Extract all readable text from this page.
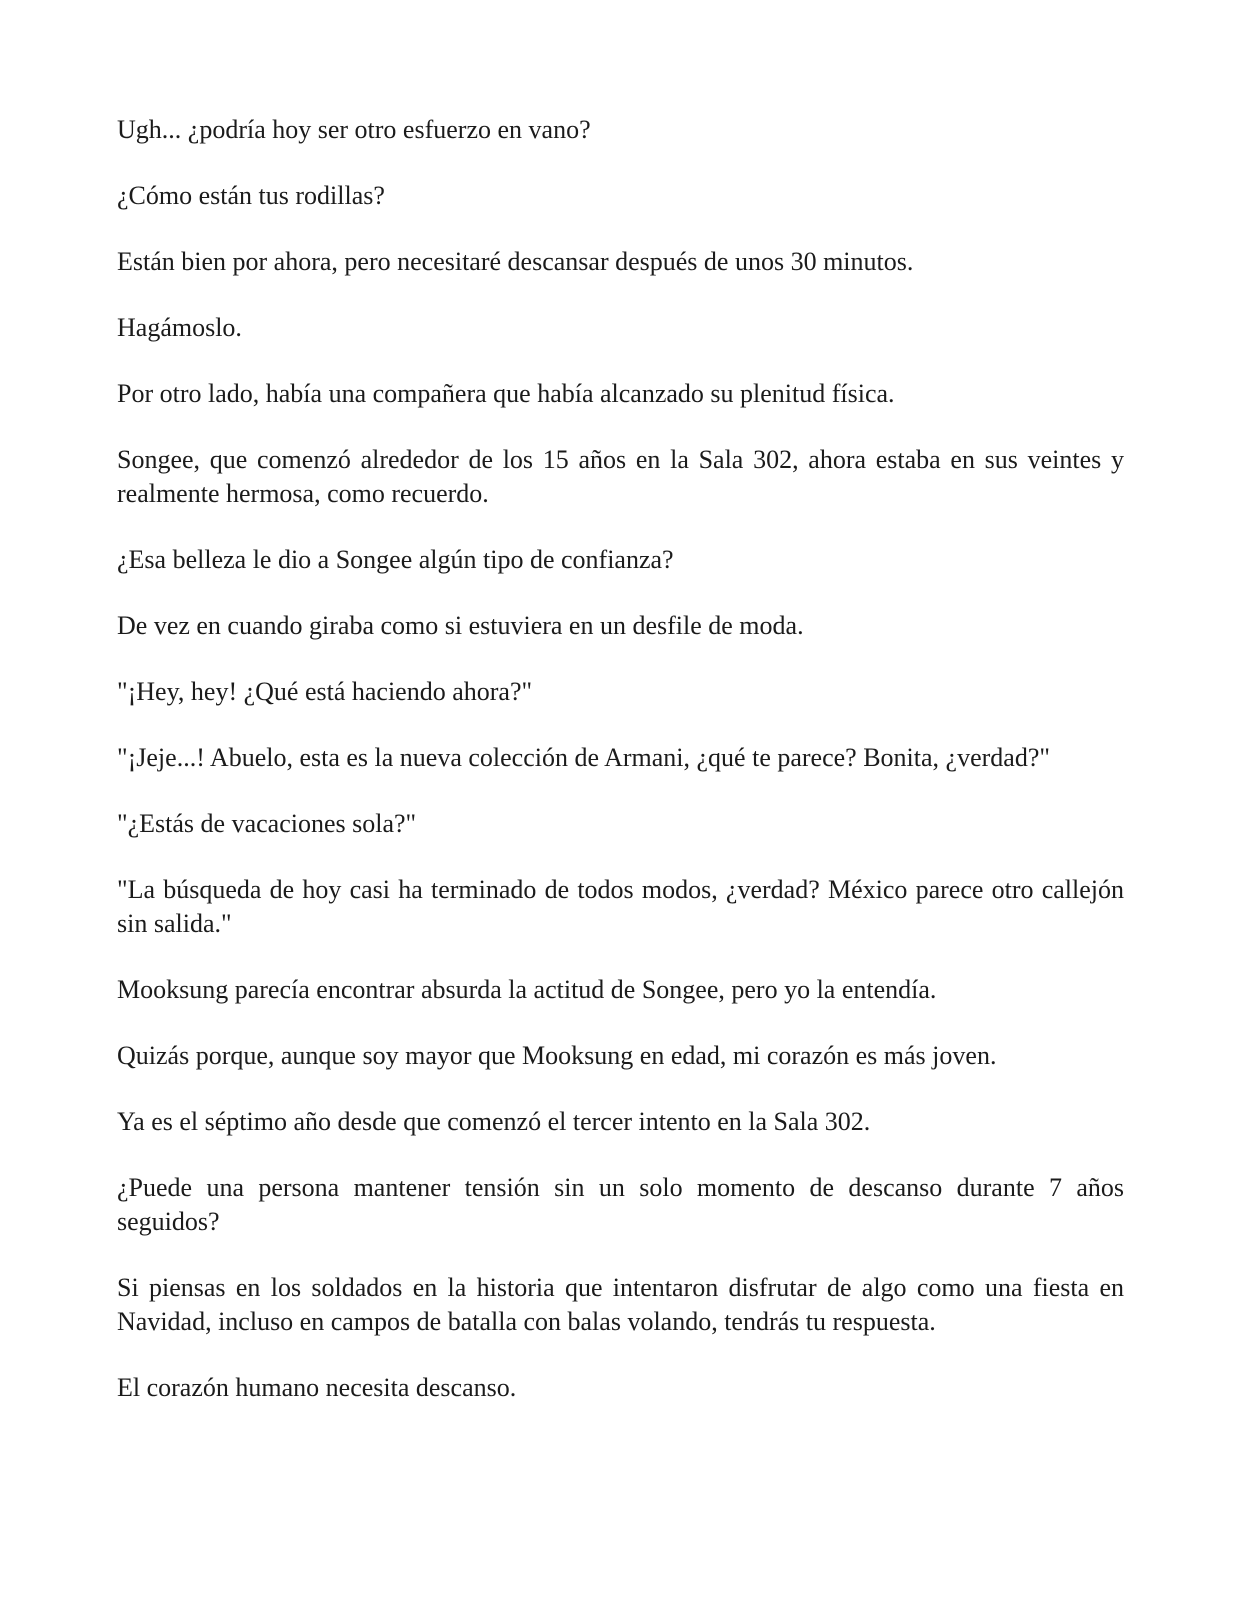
Ugh... ¿podría hoy ser otro esfuerzo en vano?

¿Cómo están tus rodillas?

Están bien por ahora, pero necesitaré descansar después de unos 30 minutos.

Hagámoslo.

Por otro lado, había una compañera que había alcanzado su plenitud física.

Songee, que comenzó alrededor de los 15 años en la Sala 302, ahora estaba en sus veintes y realmente hermosa, como recuerdo.

¿Esa belleza le dio a Songee algún tipo de confianza?

De vez en cuando giraba como si estuviera en un desfile de moda.

"¡Hey, hey! ¿Qué está haciendo ahora?"

"¡Jeje...! Abuelo, esta es la nueva colección de Armani, ¿qué te parece? Bonita, ¿verdad?"

"¿Estás de vacaciones sola?"

"La búsqueda de hoy casi ha terminado de todos modos, ¿verdad? México parece otro callejón sin salida."

Mooksung parecía encontrar absurda la actitud de Songee, pero yo la entendía.

Quizás porque, aunque soy mayor que Mooksung en edad, mi corazón es más joven.

Ya es el séptimo año desde que comenzó el tercer intento en la Sala 302.

¿Puede una persona mantener tensión sin un solo momento de descanso durante 7 años seguidos?

Si piensas en los soldados en la historia que intentaron disfrutar de algo como una fiesta en Navidad, incluso en campos de batalla con balas volando, tendrás tu respuesta.

El corazón humano necesita descanso.
